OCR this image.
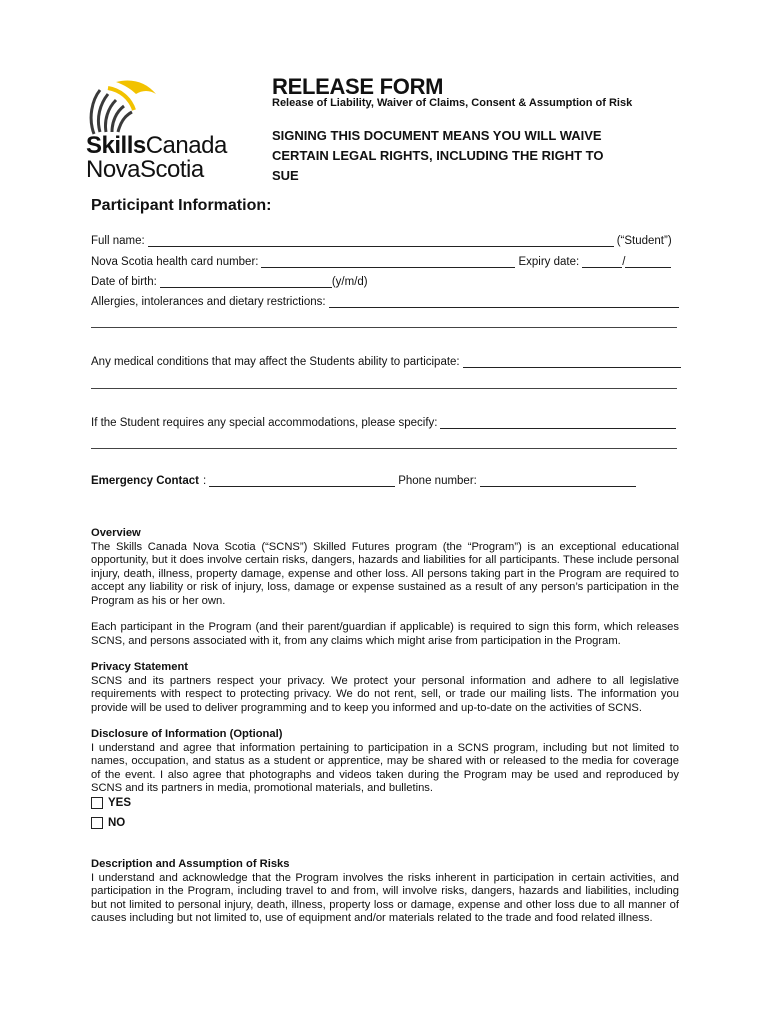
SkillsCanada
NovaScotia
RELEASE FORM
Release of Liability, Waiver of Claims, Consent & Assumption of Risk
SIGNING THIS DOCUMENT MEANS YOU WILL WAIVE
CERTAIN LEGAL RIGHTS, INCLUDING THE RIGHT TO SUE
Participant Information:
Full name:	(“Student”)
Nova Scotia health card number:	Expiry date:	/
Date of birth:	(y/m/d)
Allergies, intolerances and dietary restrictions:
Any medical conditions that may affect the Students ability to participate:
If the Student requires any special accommodations, please specify:
Emergency Contact :	Phone number:
Overview

The Skills Canada Nova Scotia (“SCNS”) Skilled Futures program (the “Program”) is an exceptional educational opportunity, but it does involve certain risks, dangers, hazards and liabilities for all participants. These include personal injury, death, illness, property damage, expense and other loss. All persons taking part in the Program are required to accept any liability or risk of injury, loss, damage or expense sustained as a result of any person’s participation in the Program as his or her own.

Each participant in the Program (and their parent/guardian if applicable) is required to sign this form, which releases SCNS, and persons associated with it, from any claims which might arise from participation in the Program.

Privacy Statement

SCNS and its partners respect your privacy. We protect your personal information and adhere to all legislative requirements with respect to protecting privacy. We do not rent, sell, or trade our mailing lists. The information you provide will be used to deliver programming and to keep you informed and up-to-date on the activities of SCNS.

Disclosure of Information (Optional)

I understand and agree that information pertaining to participation in a SCNS program, including but not limited to names, occupation, and status as a student or apprentice, may be shared with or released to the media for coverage of the event. I also agree that photographs and videos taken during the Program may be used and reproduced by SCNS and its partners in media, promotional materials, and bulletins.

YES
NO
Description and Assumption of Risks

I understand and acknowledge that the Program involves the risks inherent in participation in certain activities, and participation in the Program, including travel to and from, will involve risks, dangers, hazards and liabilities, including but not limited to personal injury, death, illness, property loss or damage, expense and other loss due to all manner of causes including but not limited to, use of equipment and/or materials related to the trade and food related illness.
